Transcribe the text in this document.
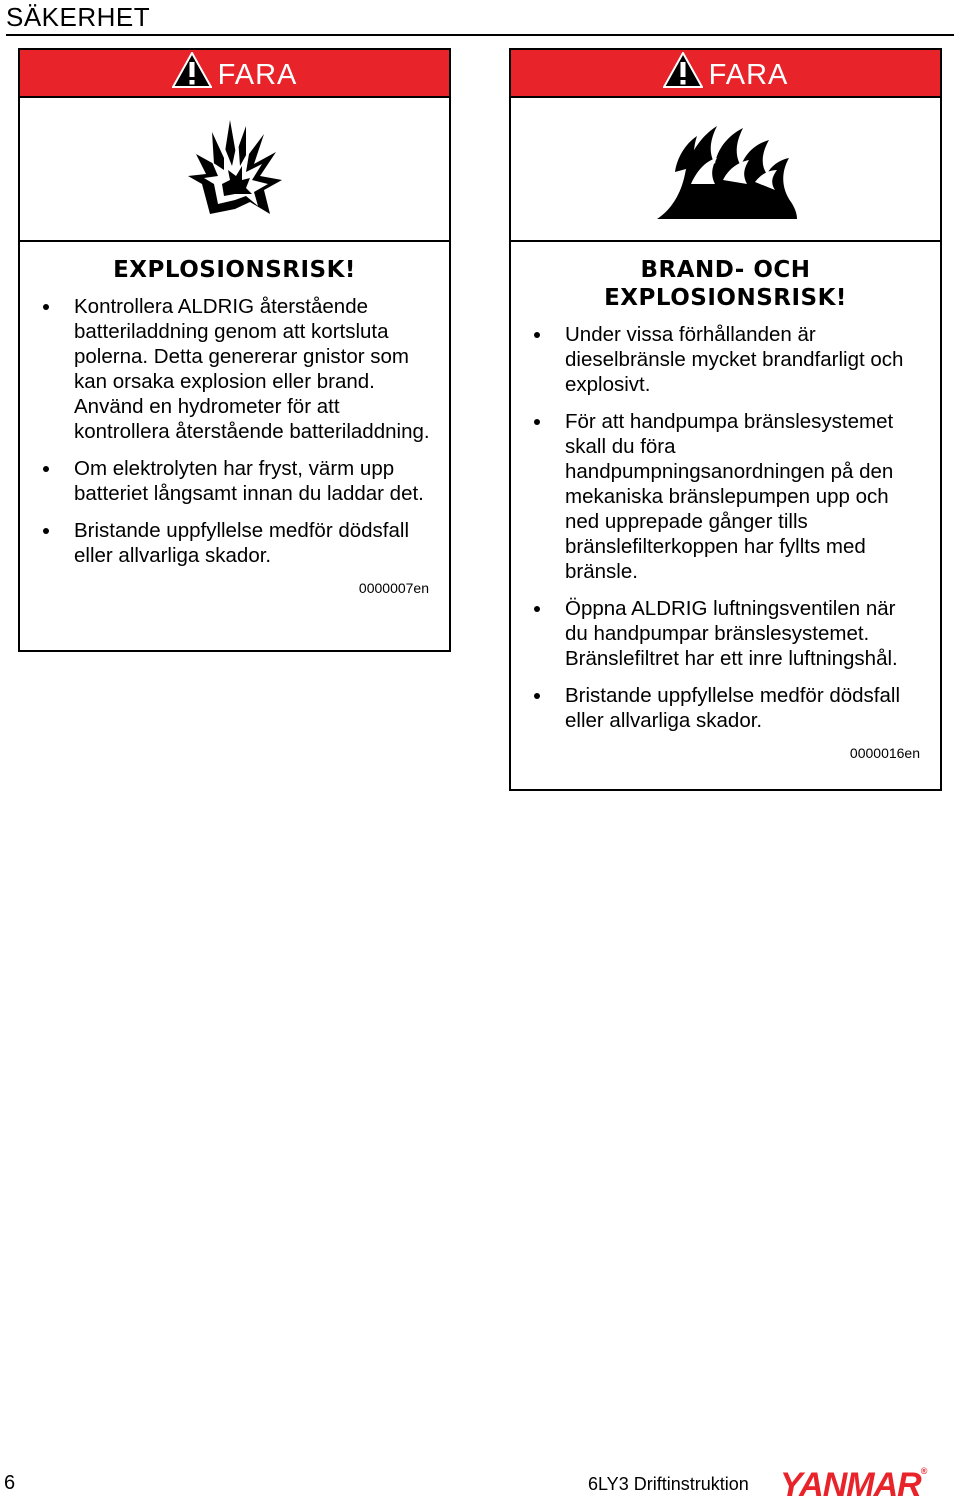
SÄKERHET
FARA
EXPLOSIONSRISK!
Kontrollera ALDRIG återstående batteriladdning genom att kortsluta polerna. Detta genererar gnistor som kan orsaka explosion eller brand. Använd en hydrometer för att kontrollera återstående batteriladdning.
Om elektrolyten har fryst, värm upp batteriet långsamt innan du laddar det.
Bristande uppfyllelse medför dödsfall eller allvarliga skador.
0000007en
FARA
BRAND- OCH EXPLOSIONSRISK!
Under vissa förhållanden är dieselbränsle mycket brandfarligt och explosivt.
För att handpumpa bränslesystemet skall du föra handpumpningsanordningen på den mekaniska bränslepumpen upp och ned upprepade gånger tills bränslefilterkoppen har fyllts med bränsle.
Öppna ALDRIG luftningsventilen när du handpumpar bränslesystemet. Bränslefiltret har ett inre luftningshål.
Bristande uppfyllelse medför dödsfall eller allvarliga skador.
0000016en
6	6LY3 Driftinstruktion YANMAR®
